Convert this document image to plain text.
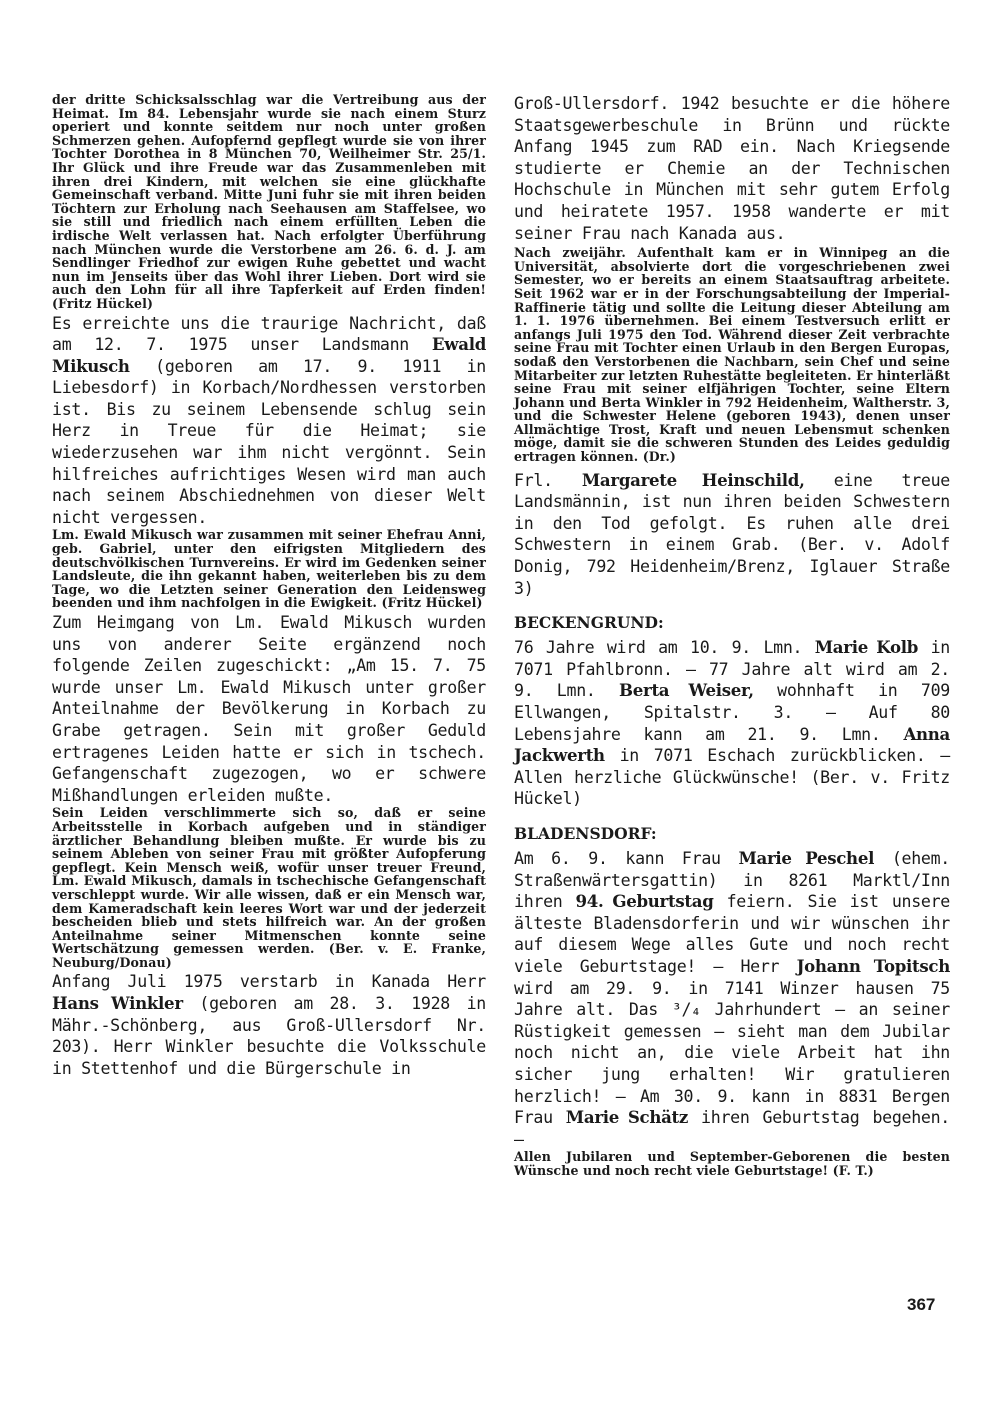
der dritte Schicksalsschlag war die Vertreibung aus der Heimat. Im 84. Lebensjahr wurde sie nach einem Sturz operiert und konnte seitdem nur noch unter großen Schmerzen gehen. Aufopfernd gepflegt wurde sie von ihrer Tochter Dorothea in 8 München 70, Weilheimer Str. 25/1. Ihr Glück und ihre Freude war das Zusammenleben mit ihren drei Kindern, mit welchen sie eine glückhafte Gemeinschaft verband. Mitte Juni fuhr sie mit ihren beiden Töchtern zur Erholung nach Seehausen am Staffelsee, wo sie still und friedlich nach einem erfüllten Leben die irdische Welt verlassen hat. Nach erfolgter Überführung nach München wurde die Verstorbene am 26. 6. d. J. am Sendlinger Friedhof zur ewigen Ruhe gebettet und wacht nun im Jenseits über das Wohl ihrer Lieben. Dort wird sie auch den Lohn für all ihre Tapferkeit auf Erden finden! (Fritz Hückel)

Es erreichte uns die traurige Nachricht, daß am 12. 7. 1975 unser Landsmann Ewald Mikusch (geboren am 17. 9. 1911 in Liebesdorf) in Korbach/Nordhessen verstorben ist. Bis zu seinem Lebensende schlug sein Herz in Treue für die Heimat; sie wiederzusehen war ihm nicht vergönnt. Sein hilfreiches aufrichtiges Wesen wird man auch nach seinem Abschiednehmen von dieser Welt nicht vergessen.

Lm. Ewald Mikusch war zusammen mit seiner Ehefrau Anni, geb. Gabriel, unter den eifrigsten Mitgliedern des deutschvölkischen Turnvereins. Er wird im Gedenken seiner Landsleute, die ihn gekannt haben, weiterleben bis zu dem Tage, wo die Letzten seiner Generation den Leidensweg beenden und ihm nachfolgen in die Ewigkeit. (Fritz Hückel)

Zum Heimgang von Lm. Ewald Mikusch wurden uns von anderer Seite ergänzend noch folgende Zeilen zugeschickt: „Am 15. 7. 75 wurde unser Lm. Ewald Mikusch unter großer Anteilnahme der Bevölkerung in Korbach zu Grabe getragen. Sein mit großer Geduld ertragenes Leiden hatte er sich in tschech. Gefangenschaft zugezogen, wo er schwere Mißhandlungen erleiden mußte.

Sein Leiden verschlimmerte sich so, daß er seine Arbeitsstelle in Korbach aufgeben und in ständiger ärztlicher Behandlung bleiben mußte. Er wurde bis zu seinem Ableben von seiner Frau mit größter Aufopferung gepflegt. Kein Mensch weiß, wofür unser treuer Freund, Lm. Ewald Mikusch, damals in tschechische Gefangenschaft verschleppt wurde. Wir alle wissen, daß er ein Mensch war, dem Kameradschaft kein leeres Wort war und der jederzeit bescheiden blieb und stets hilfreich war. An der großen Anteilnahme seiner Mitmenschen konnte seine Wertschätzung gemessen werden. (Ber. v. E. Franke, Neuburg/Donau)

Anfang Juli 1975 verstarb in Kanada Herr Hans Winkler (geboren am 28. 3. 1928 in Mähr.-Schönberg, aus Groß-Ullersdorf Nr. 203). Herr Winkler besuchte die Volksschule in Stettenhof und die Bürgerschule in

Groß-Ullersdorf. 1942 besuchte er die höhere Staatsgewerbeschule in Brünn und rückte Anfang 1945 zum RAD ein. Nach Kriegsende studierte er Chemie an der Technischen Hochschule in München mit sehr gutem Erfolg und heiratete 1957. 1958 wanderte er mit seiner Frau nach Kanada aus.

Nach zweijähr. Aufenthalt kam er in Winnipeg an die Universität, absolvierte dort die vorgeschriebenen zwei Semester, wo er bereits an einem Staatsauftrag arbeitete. Seit 1962 war er in der Forschungsabteilung der Imperial-Raffinerie tätig und sollte die Leitung dieser Abteilung am 1. 1. 1976 übernehmen. Bei einem Testversuch erlitt er anfangs Juli 1975 den Tod. Während dieser Zeit verbrachte seine Frau mit Tochter einen Urlaub in den Bergen Europas, sodaß den Verstorbenen die Nachbarn, sein Chef und seine Mitarbeiter zur letzten Ruhestätte begleiteten. Er hinterläßt seine Frau mit seiner elfjährigen Tochter, seine Eltern Johann und Berta Winkler in 792 Heidenheim, Waltherstr. 3, und die Schwester Helene (geboren 1943), denen unser Allmächtige Trost, Kraft und neuen Lebensmut schenken möge, damit sie die schweren Stunden des Leides geduldig ertragen können. (Dr.)

Frl. Margarete Heinschild, eine treue Landsmännin, ist nun ihren beiden Schwestern in den Tod gefolgt. Es ruhen alle drei Schwestern in einem Grab. (Ber. v. Adolf Donig, 792 Heidenheim/Brenz, Iglauer Straße 3)

BECKENGRUND:

76 Jahre wird am 10. 9. Lmn. Marie Kolb in 7071 Pfahlbronn. — 77 Jahre alt wird am 2. 9. Lmn. Berta Weiser, wohnhaft in 709 Ellwangen, Spitalstr. 3. — Auf 80 Lebensjahre kann am 21. 9. Lmn. Anna Jackwerth in 7071 Eschach zurückblicken. — Allen herzliche Glückwünsche! (Ber. v. Fritz Hückel)

BLADENSDORF:

Am 6. 9. kann Frau Marie Peschel (ehem. Straßenwärtersgattin) in 8261 Marktl/Inn ihren 94. Geburtstag feiern. Sie ist unsere älteste Bladensdorferin und wir wünschen ihr auf diesem Wege alles Gute und noch recht viele Geburtstage! — Herr Johann Topitsch wird am 29. 9. in 7141 Winzer hausen 75 Jahre alt. Das ³/₄ Jahrhundert — an seiner Rüstigkeit gemessen — sieht man dem Jubilar noch nicht an, die viele Arbeit hat ihn sicher jung erhalten! Wir gratulieren herzlich! — Am 30. 9. kann in 8831 Bergen Frau Marie Schätz ihren Geburtstag begehen. —

Allen Jubilaren und September-Geborenen die besten Wünsche und noch recht viele Geburtstage! (F. T.)

367
